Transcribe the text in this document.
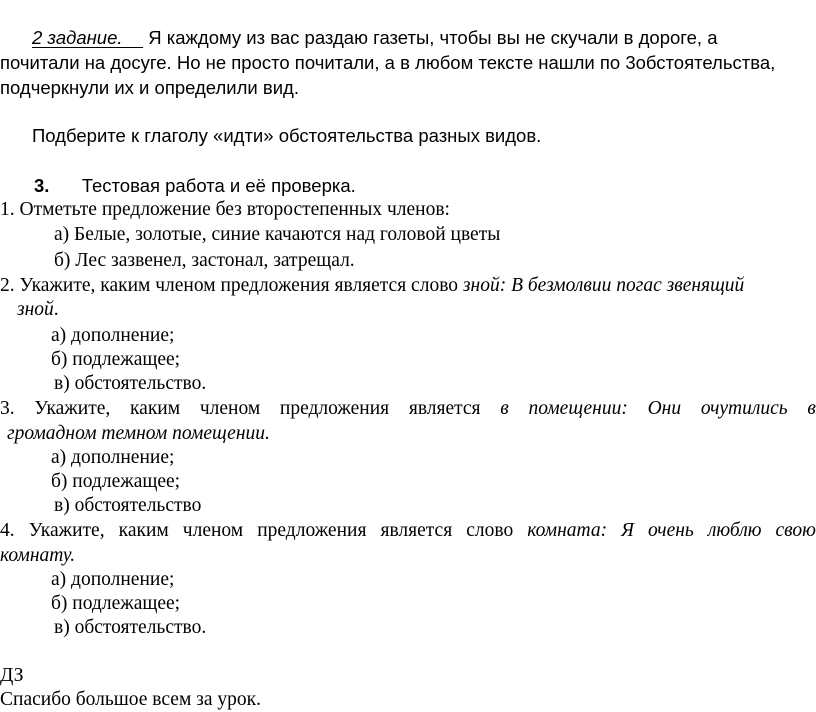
2 задание. Я каждому из вас раздаю газеты, чтобы вы не скучали в дороге, а
почитали на досуге. Но не просто почитали, а в любом тексте нашли по 3обстоятельства,
подчеркнули их и определили вид.
Подберите к глаголу «идти» обстоятельства разных видов.
3. Тестовая работа и её проверка.
1. Отметьте предложение без второстепенных членов:
а) Белые, золотые, синие качаются над головой цветы
б) Лес зазвенел, застонал, затрещал.
2. Укажите, каким членом предложения является слово зной: В безмолвии погас звенящий
зной.
а) дополнение;
б) подлежащее;
в) обстоятельство.
3. Укажите, каким членом предложения является в помещении: Они очутились в
громадном темном помещении.
а) дополнение;
б) подлежащее;
в) обстоятельство
4. Укажите, каким членом предложения является слово комната: Я очень люблю свою
комнату.
а) дополнение;
б) подлежащее;
в) обстоятельство.
ДЗ
Спасибо большое всем за урок.
